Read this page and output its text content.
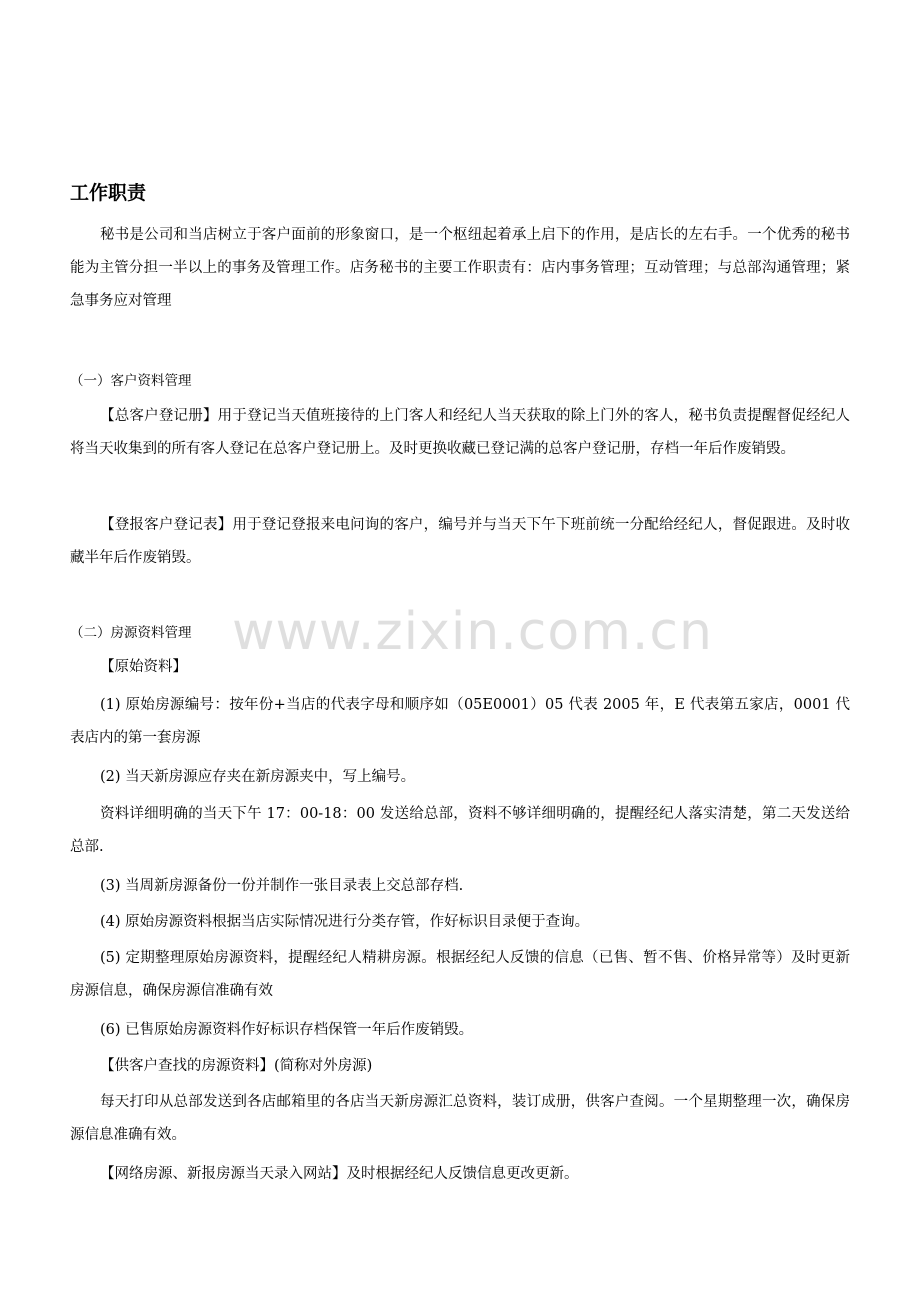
www.zixin.com.cn
工作职责

秘书是公司和当店树立于客户面前的形象窗口，是一个枢纽起着承上启下的作用，是店长的左右手。一个优秀的秘书能为主管分担一半以上的事务及管理工作。店务秘书的主要工作职责有：店内事务管理；互动管理；与总部沟通管理；紧急事务应对管理

（一）客户资料管理

【总客户登记册】用于登记当天值班接待的上门客人和经纪人当天获取的除上门外的客人，秘书负责提醒督促经纪人将当天收集到的所有客人登记在总客户登记册上。及时更换收藏已登记满的总客户登记册，存档一年后作废销毁。

【登报客户登记表】用于登记登报来电问询的客户，编号并与当天下午下班前统一分配给经纪人，督促跟进。及时收藏半年后作废销毁。

（二）房源资料管理

【原始资料】

(1) 原始房源编号：按年份+当店的代表字母和顺序如（05E0001）05 代表 2005 年，E 代表第五家店，0001 代表店内的第一套房源

(2) 当天新房源应存夹在新房源夹中，写上编号。

资料详细明确的当天下午 17：00-18：00 发送给总部，资料不够详细明确的，提醒经纪人落实清楚，第二天发送给总部.

(3) 当周新房源备份一份并制作一张目录表上交总部存档.

(4) 原始房源资料根据当店实际情况进行分类存管，作好标识目录便于查询。

(5) 定期整理原始房源资料，提醒经纪人精耕房源。根据经纪人反馈的信息（已售、暂不售、价格异常等）及时更新房源信息，确保房源信准确有效

(6) 已售原始房源资料作好标识存档保管一年后作废销毁。

【供客户查找的房源资料】(简称对外房源)

每天打印从总部发送到各店邮箱里的各店当天新房源汇总资料，装订成册，供客户查阅。一个星期整理一次，确保房源信息准确有效。

【网络房源、新报房源当天录入网站】及时根据经纪人反馈信息更改更新。
